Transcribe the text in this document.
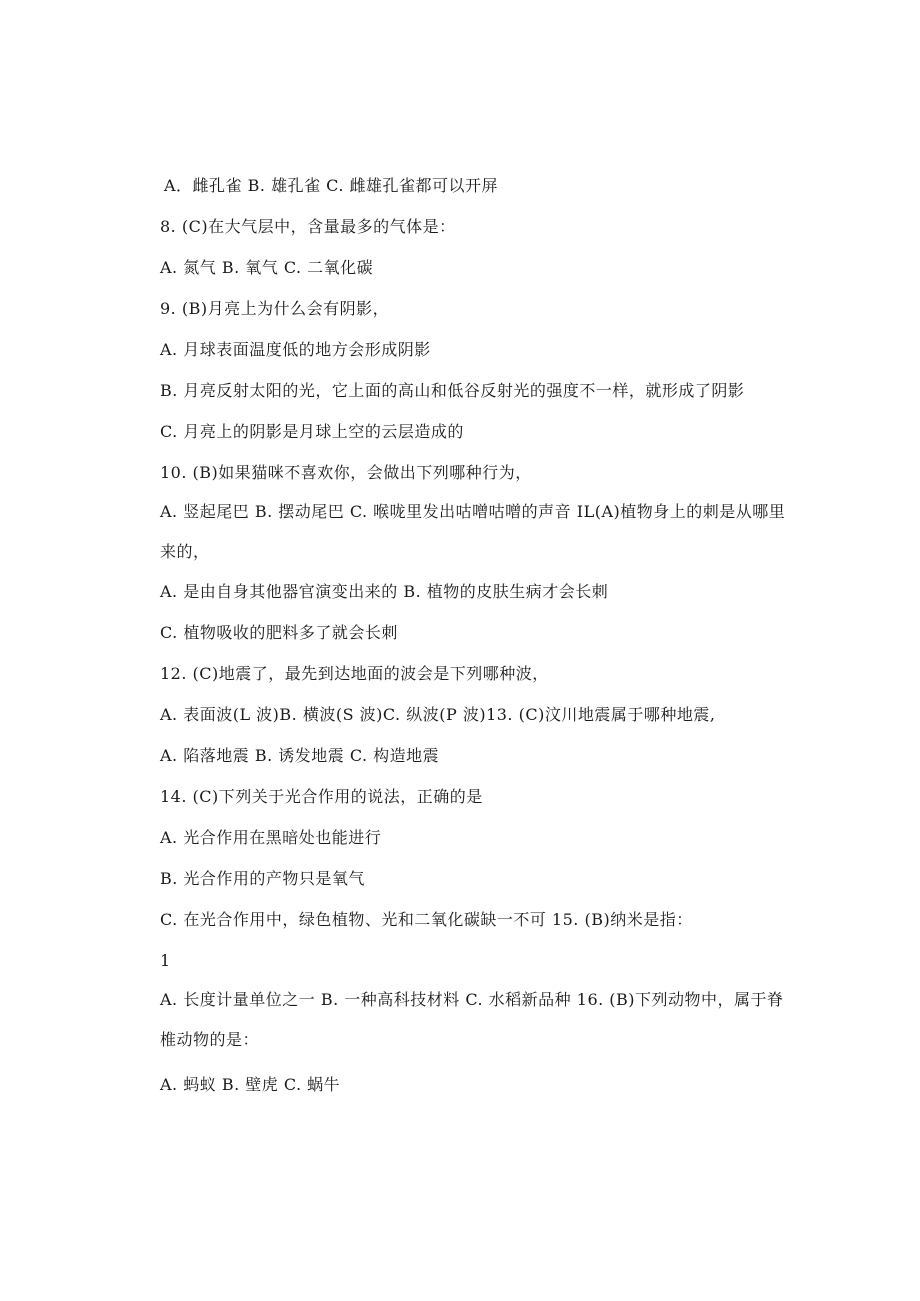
A．雌孔雀 B. 雄孔雀 C. 雌雄孔雀都可以开屏
8. (C)在大气层中，含量最多的气体是：
A. 氮气 B. 氧气 C. 二氧化碳
9. (B)月亮上为什么会有阴影，
A. 月球表面温度低的地方会形成阴影
B. 月亮反射太阳的光，它上面的高山和低谷反射光的强度不一样，就形成了阴影
C. 月亮上的阴影是月球上空的云层造成的
10. (B)如果猫咪不喜欢你，会做出下列哪种行为，
A. 竖起尾巴 B. 摆动尾巴 C. 喉咙里发出咕噌咕噌的声音 IL(A)植物身上的刺是从哪里来的，
A. 是由自身其他器官演变出来的 B. 植物的皮肤生病才会长刺
C. 植物吸收的肥料多了就会长刺
12. (C)地震了，最先到达地面的波会是下列哪种波，
A. 表面波(L 波)B. 横波(S 波)C. 纵波(P 波)13. (C)汶川地震属于哪种地震,
A. 陷落地震 B. 诱发地震 C. 构造地震
14. (C)下列关于光合作用的说法，正确的是
A. 光合作用在黑暗处也能进行
B. 光合作用的产物只是氧气
C. 在光合作用中，绿色植物、光和二氧化碳缺一不可 15. (B)纳米是指：
1
A. 长度计量单位之一 B. 一种高科技材料 C. 水稻新品种 16. (B)下列动物中，属于脊椎动物的是：
A. 蚂蚁 B. 壁虎 C. 蜗牛
